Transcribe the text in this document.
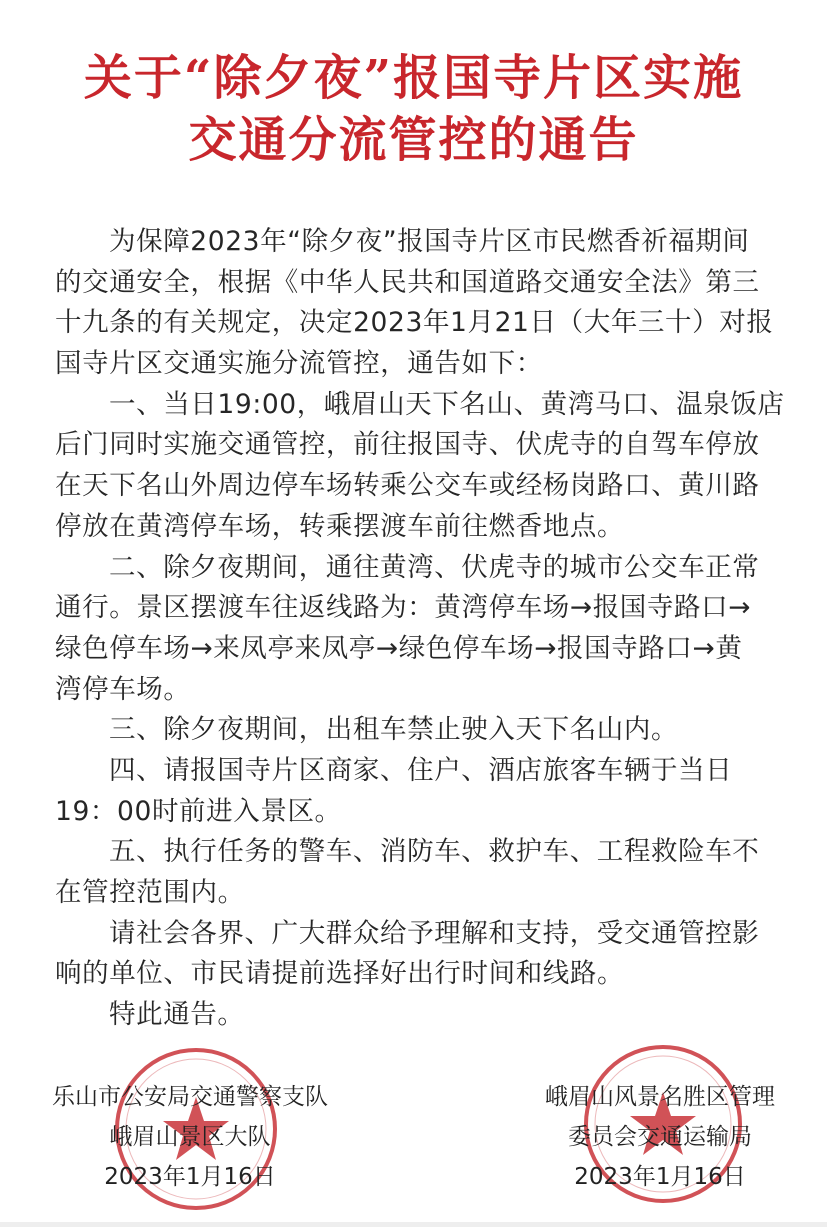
关于“除夕夜”报国寺片区实施
交通分流管控的通告
为保障2023年“除夕夜”报国寺片区市民燃香祈福期间
的交通安全，根据《中华人民共和国道路交通安全法》第三
十九条的有关规定，决定2023年1月21日（大年三十）对报
国寺片区交通实施分流管控，通告如下：
一、当日19:00，峨眉山天下名山、黄湾马口、温泉饭店
后门同时实施交通管控，前往报国寺、伏虎寺的自驾车停放
在天下名山外周边停车场转乘公交车或经杨岗路口、黄川路
停放在黄湾停车场，转乘摆渡车前往燃香地点。
二、除夕夜期间，通往黄湾、伏虎寺的城市公交车正常
通行。景区摆渡车往返线路为：黄湾停车场→报国寺路口→
绿色停车场→来凤亭来凤亭→绿色停车场→报国寺路口→黄
湾停车场。
三、除夕夜期间，出租车禁止驶入天下名山内。
四、请报国寺片区商家、住户、酒店旅客车辆于当日
19：00时前进入景区。
五、执行任务的警车、消防车、救护车、工程救险车不
在管控范围内。
请社会各界、广大群众给予理解和支持，受交通管控影
响的单位、市民请提前选择好出行时间和线路。
特此通告。
乐山市公安局交通警察支队
峨眉山景区大队
2023年1月16日
峨眉山风景名胜区管理
委员会交通运输局
2023年1月16日
